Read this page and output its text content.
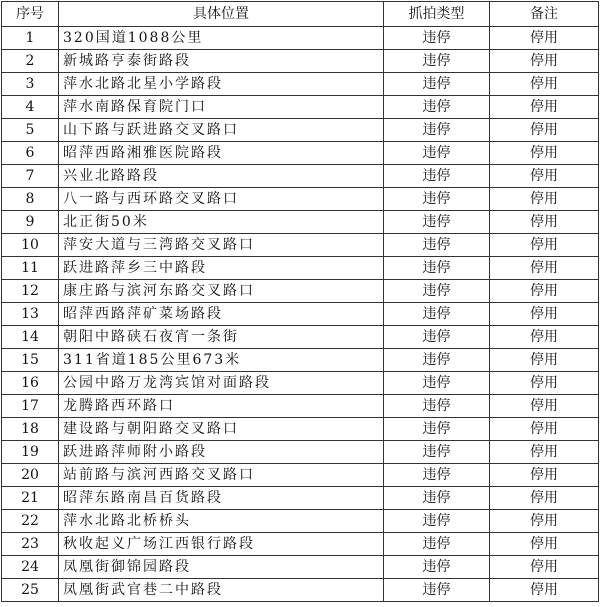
序号	具体位置	抓拍类型	备注
1	320国道1088公里	违停	停用
2	新城路亨泰街路段	违停	停用
3	萍水北路北星小学路段	违停	停用
4	萍水南路保育院门口	违停	停用
5	山下路与跃进路交叉路口	违停	停用
6	昭萍西路湘雅医院路段	违停	停用
7	兴业北路路段	违停	停用
8	八一路与西环路交叉路口	违停	停用
9	北正街50米	违停	停用
10	萍安大道与三湾路交叉路口	违停	停用
11	跃进路萍乡三中路段	违停	停用
12	康庄路与滨河东路交叉路口	违停	停用
13	昭萍西路萍矿菜场路段	违停	停用
14	朝阳中路硖石夜宵一条街	违停	停用
15	311省道185公里673米	违停	停用
16	公园中路万龙湾宾馆对面路段	违停	停用
17	龙腾路西环路口	违停	停用
18	建设路与朝阳路交叉路口	违停	停用
19	跃进路萍师附小路段	违停	停用
20	站前路与滨河西路交叉路口	违停	停用
21	昭萍东路南昌百货路段	违停	停用
22	萍水北路北桥桥头	违停	停用
23	秋收起义广场江西银行路段	违停	停用
24	凤凰街御锦园路段	违停	停用
25	凤凰街武官巷二中路段	违停	停用
